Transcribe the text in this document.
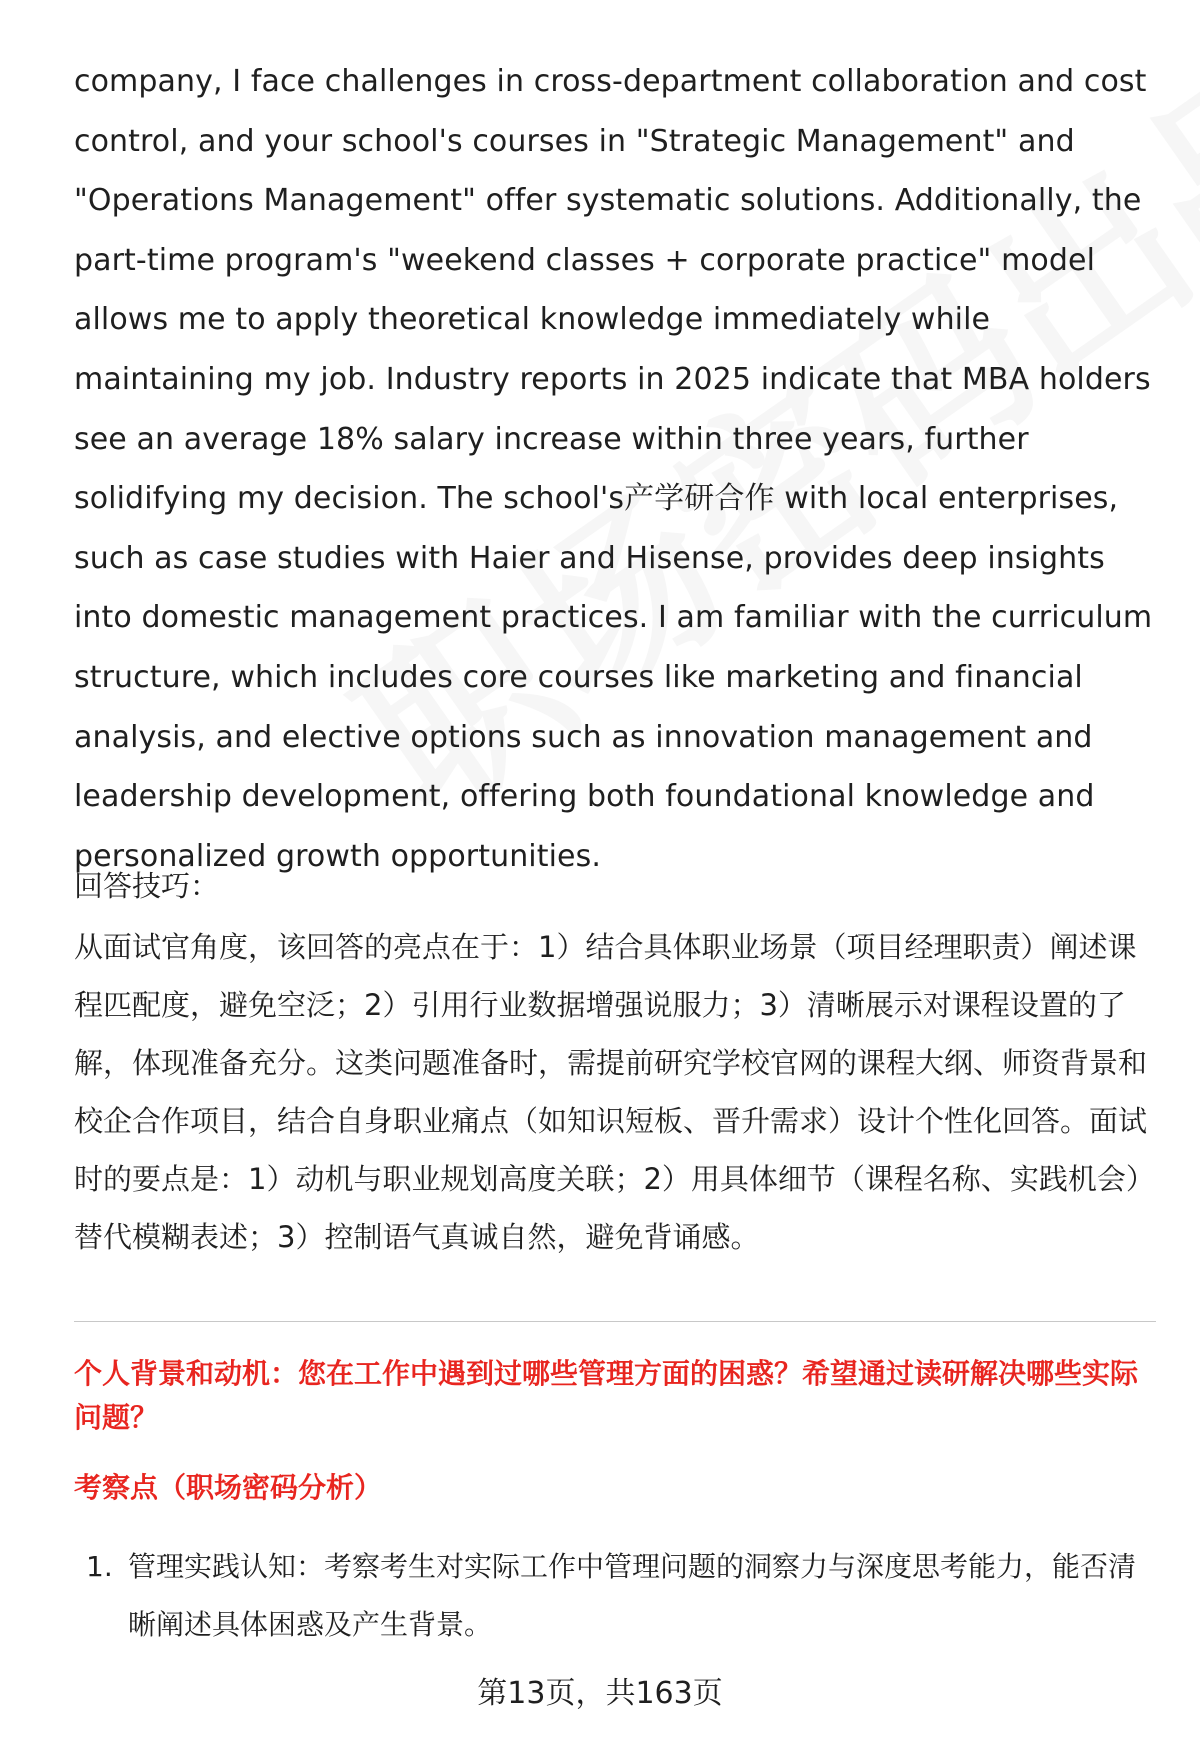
company, I face challenges in cross-department collaboration and cost control, and your school's courses in "Strategic Management" and "Operations Management" offer systematic solutions. Additionally, the part-time program's "weekend classes + corporate practice" model allows me to apply theoretical knowledge immediately while maintaining my job. Industry reports in 2025 indicate that MBA holders see an average 18% salary increase within three years, further solidifying my decision. The school's产学研合作 with local enterprises, such as case studies with Haier and Hisense, provides deep insights into domestic management practices. I am familiar with the curriculum structure, which includes core courses like marketing and financial analysis, and elective options such as innovation management and leadership development, offering both foundational knowledge and personalized growth opportunities.

回答技巧：

从面试官角度，该回答的亮点在于：1）结合具体职业场景（项目经理职责）阐述课程匹配度，避免空泛；2）引用行业数据增强说服力；3）清晰展示对课程设置的了解，体现准备充分。这类问题准备时，需提前研究学校官网的课程大纲、师资背景和校企合作项目，结合自身职业痛点（如知识短板、晋升需求）设计个性化回答。面试时的要点是：1）动机与职业规划高度关联；2）用具体细节（课程名称、实践机会）替代模糊表述；3）控制语气真诚自然，避免背诵感。

个人背景和动机：您在工作中遇到过哪些管理方面的困惑？希望通过读研解决哪些实际问题？

考察点（职场密码分析）

1. 管理实践认知：考察考生对实际工作中管理问题的洞察力与深度思考能力，能否清晰阐述具体困惑及产生背景。
第13页，共163页
